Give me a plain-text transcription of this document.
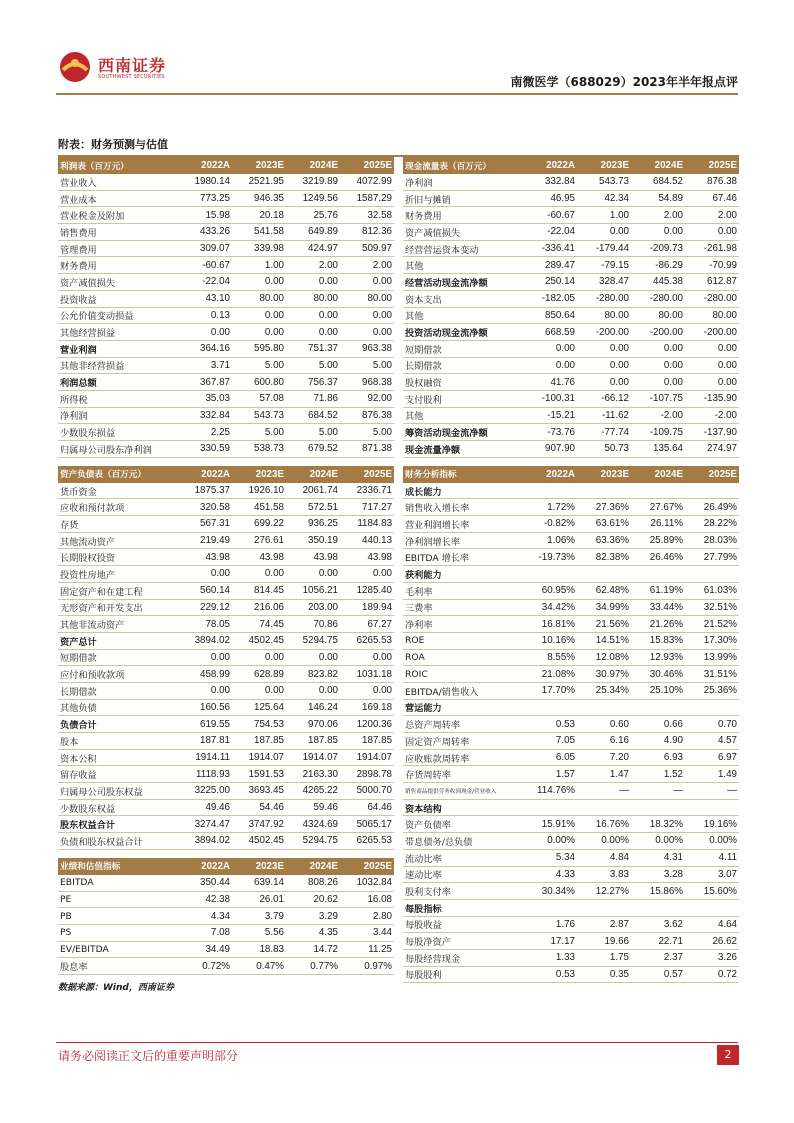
西南证券
SOUTHWEST SECURITIES	南微医学（688029）2023年半年报点评
附表：财务预测与估值
利润表（百万元）	2022A	2023E	2024E	2025E
营业收入	1980.14	2521.95	3219.89	4072.99
营业成本	773.25	946.35	1249.56	1587.29
营业税金及附加	15.98	20.18	25.76	32.58
销售费用	433.26	541.58	649.89	812.36
管理费用	309.07	339.98	424.97	509.97
财务费用	-60.67	1.00	2.00	2.00
资产减值损失	-22.04	0.00	0.00	0.00
投资收益	43.10	80.00	80.00	80.00
公允价值变动损益	0.13	0.00	0.00	0.00
其他经营损益	0.00	0.00	0.00	0.00
营业利润	364.16	595.80	751.37	963.38
其他非经营损益	3.71	5.00	5.00	5.00
利润总额	367.87	600.80	756.37	968.38
所得税	35.03	57.08	71.86	92.00
净利润	332.84	543.73	684.52	876.38
少数股东损益	2.25	5.00	5.00	5.00
归属母公司股东净利润	330.59	538.73	679.52	871.38

资产负债表（百万元）	2022A	2023E	2024E	2025E
货币资金	1875.37	1926.10	2061.74	2336.71
应收和预付款项	320.58	451.58	572.51	717.27
存货	567.31	699.22	936.25	1184.83
其他流动资产	219.49	276.61	350.19	440.13
长期股权投资	43.98	43.98	43.98	43.98
投资性房地产	0.00	0.00	0.00	0.00
固定资产和在建工程	560.14	814.45	1056.21	1285.40
无形资产和开发支出	229.12	216.06	203.00	189.94
其他非流动资产	78.05	74.45	70.86	67.27
资产总计	3894.02	4502.45	5294.75	6265.53
短期借款	0.00	0.00	0.00	0.00
应付和预收款项	458.99	628.89	823.82	1031.18
长期借款	0.00	0.00	0.00	0.00
其他负债	160.56	125.64	146.24	169.18
负债合计	619.55	754.53	970.06	1200.36
股本	187.81	187.85	187.85	187.85
资本公积	1914.11	1914.07	1914.07	1914.07
留存收益	1118.93	1591.53	2163.30	2898.78
归属母公司股东权益	3225.00	3693.45	4265.22	5000.70
少数股东权益	49.46	54.46	59.46	64.46
股东权益合计	3274.47	3747.92	4324.69	5065.17
负债和股东权益合计	3894.02	4502.45	5294.75	6265.53

业绩和估值指标	2022A	2023E	2024E	2025E
EBITDA	350.44	639.14	808.26	1032.84
PE	42.38	26.01	20.62	16.08
PB	4.34	3.79	3.29	2.80
PS	7.08	5.56	4.35	3.44
EV/EBITDA	34.49	18.83	14.72	11.25
股息率	0.72%	0.47%	0.77%	0.97%
现金流量表（百万元）	2022A	2023E	2024E	2025E
净利润	332.84	543.73	684.52	876.38
折旧与摊销	46.95	42.34	54.89	67.46
财务费用	-60.67	1.00	2.00	2.00
资产减值损失	-22.04	0.00	0.00	0.00
经营营运资本变动	-336.41	-179.44	-209.73	-261.98
其他	289.47	-79.15	-86.29	-70.99
经营活动现金流净额	250.14	328.47	445.38	612.87
资本支出	-182.05	-280.00	-280.00	-280.00
其他	850.64	80.00	80.00	80.00
投资活动现金流净额	668.59	-200.00	-200.00	-200.00
短期借款	0.00	0.00	0.00	0.00
长期借款	0.00	0.00	0.00	0.00
股权融资	41.76	0.00	0.00	0.00
支付股利	-100.31	-66.12	-107.75	-135.90
其他	-15.21	-11.62	-2.00	-2.00
筹资活动现金流净额	-73.76	-77.74	-109.75	-137.90
现金流量净额	907.90	50.73	135.64	274.97

财务分析指标	2022A	2023E	2024E	2025E
成长能力				
销售收入增长率	1.72%	27.36%	27.67%	26.49%
营业利润增长率	-0.82%	63.61%	26.11%	28.22%
净利润增长率	1.06%	63.36%	25.89%	28.03%
EBITDA 增长率	-19.73%	82.38%	26.46%	27.79%
获利能力				
毛利率	60.95%	62.48%	61.19%	61.03%
三费率	34.42%	34.99%	33.44%	32.51%
净利率	16.81%	21.56%	21.26%	21.52%
ROE	10.16%	14.51%	15.83%	17.30%
ROA	8.55%	12.08%	12.93%	13.99%
ROIC	21.08%	30.97%	30.46%	31.51%
EBITDA/销售收入	17.70%	25.34%	25.10%	25.36%
营运能力				
总资产周转率	0.53	0.60	0.66	0.70
固定资产周转率	7.05	6.16	4.90	4.57
应收账款周转率	6.05	7.20	6.93	6.97
存货周转率	1.57	1.47	1.52	1.49
销售商品提供劳务收到现金/营业收入	114.76%	—	—	—
资本结构				
资产负债率	15.91%	16.76%	18.32%	19.16%
带息债务/总负债	0.00%	0.00%	0.00%	0.00%
流动比率	5.34	4.84	4.31	4.11
速动比率	4.33	3.83	3.28	3.07
股利支付率	30.34%	12.27%	15.86%	15.60%
每股指标				
每股收益	1.76	2.87	3.62	4.64
每股净资产	17.17	19.66	22.71	26.62
每股经营现金	1.33	1.75	2.37	3.26
每股股利	0.53	0.35	0.57	0.72
数据来源：Wind，西南证券
请务必阅读正文后的重要声明部分	2
